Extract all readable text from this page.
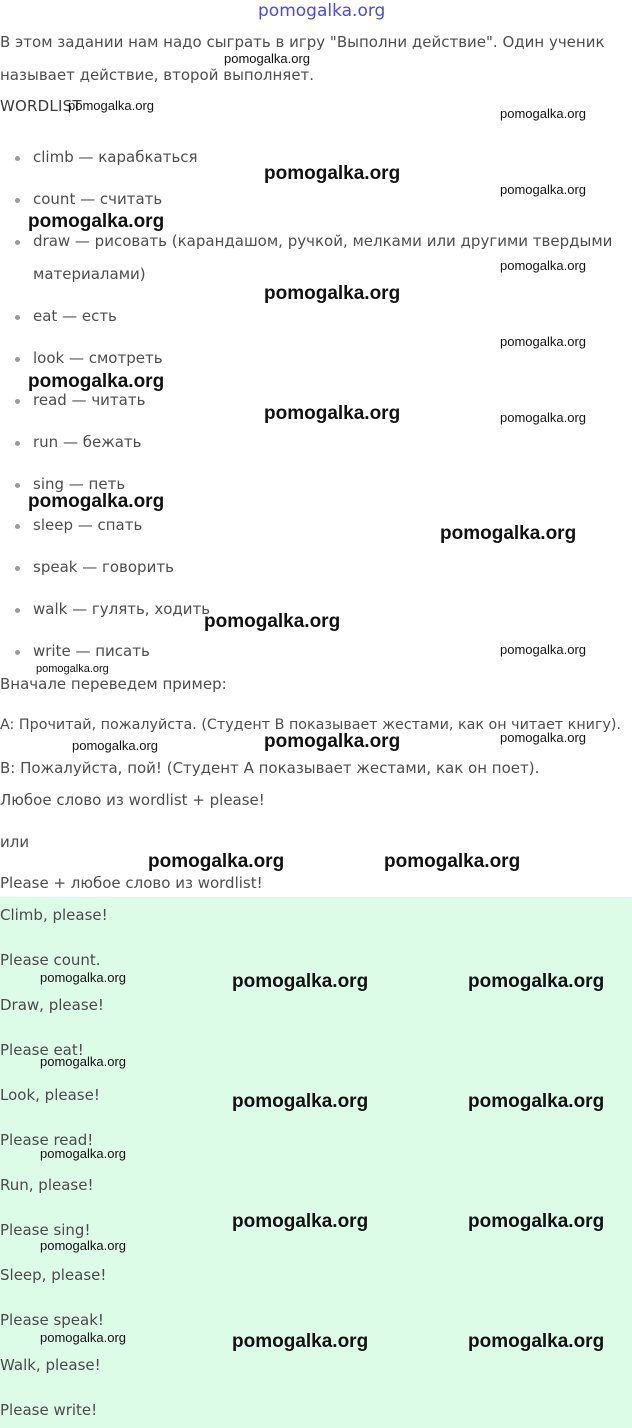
pomogalka.org
В этом задании нам надо сыграть в игру "Выполни действие". Один ученик называет действие, второй выполняет.
WORDLIST
climb — карабкаться
count — считать
draw — рисовать (карандашом, ручкой, мелками или другими твердыми
материалами)
eat — есть
look — смотреть
read — читать
run — бежать
sing — петь
sleep — спать
speak — говорить
walk — гулять, ходить
write — писать
Вначале переведем пример:
A: Прочитай, пожалуйста. (Студент B показывает жестами, как он читает книгу).
B: Пожалуйста, пой! (Студент A показывает жестами, как он поет).
Любое слово из wordlist + please!
или
Please + любое слово из wordlist!
Climb, please!
Please count.
Draw, please!
Please eat!
Look, please!
Please read!
Run, please!
Please sing!
Sleep, please!
Please speak!
Walk, please!
Please write!
pomogalka.org
pomogalka.org
pomogalka.org
pomogalka.org
pomogalka.org
pomogalka.org
pomogalka.org
pomogalka.org
pomogalka.org
pomogalka.org
pomogalka.org	pomogalka.org
pomogalka.org
pomogalka.org
pomogalka.org
pomogalka.org
pomogalka.org
pomogalka.org	pomogalka.org
pomogalka.org
pomogalka.org	pomogalka.org
pomogalka.org	pomogalka.org	pomogalka.org
pomogalka.org
pomogalka.org	pomogalka.org
pomogalka.org
pomogalka.org	pomogalka.org
pomogalka.org
pomogalka.org	pomogalka.org	pomogalka.org
